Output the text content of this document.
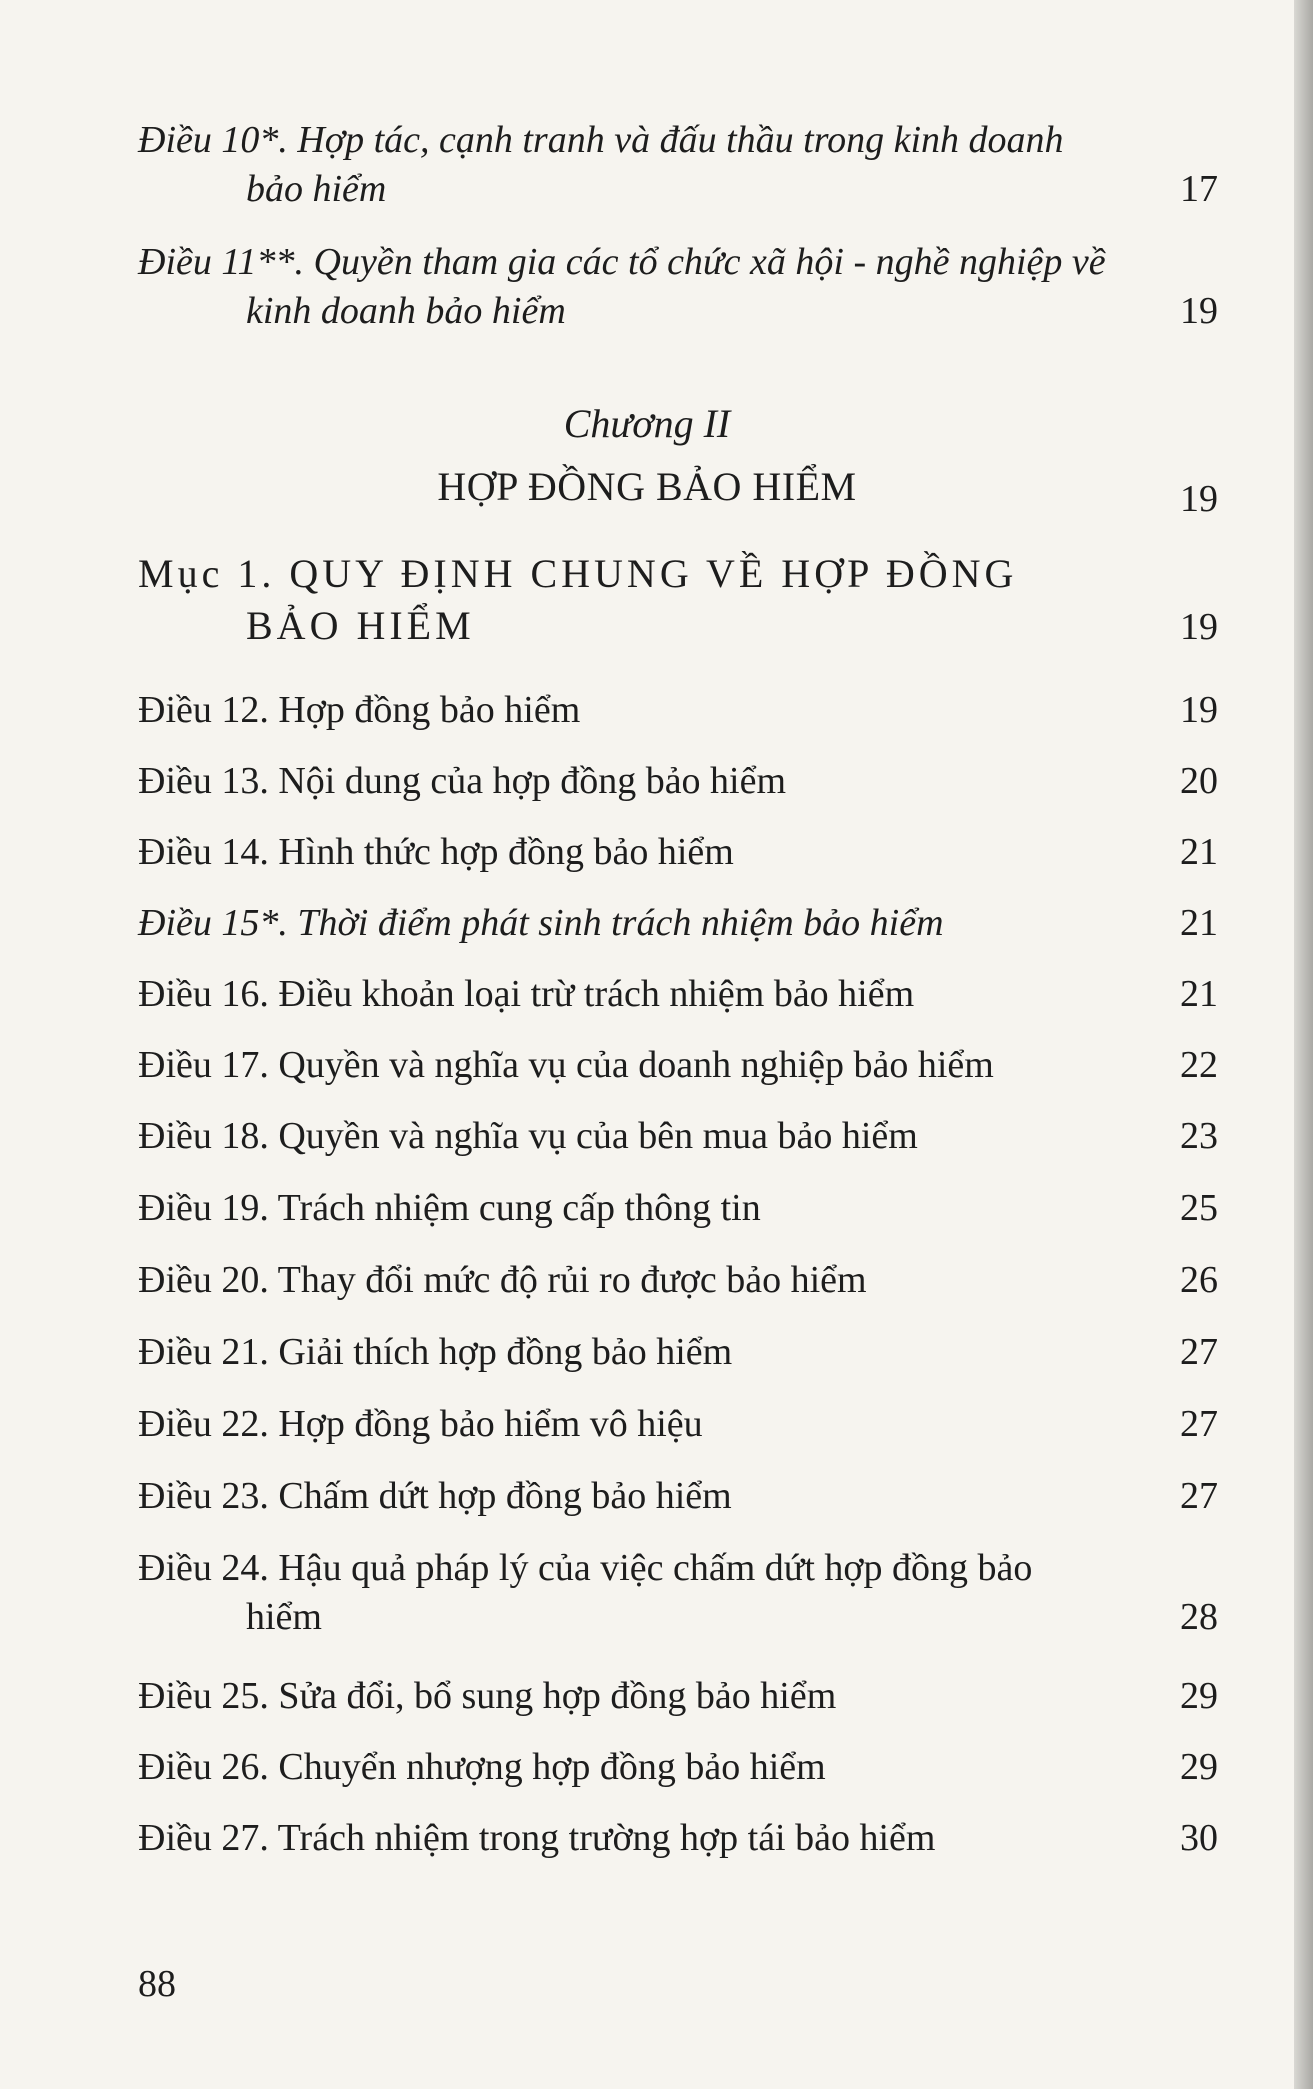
Điều 10*. Hợp tác, cạnh tranh và đấu thầu trong kinh doanh bảo hiểm	17
Điều 11**. Quyền tham gia các tổ chức xã hội - nghề nghiệp về kinh doanh bảo hiểm	19
Chương II
HỢP ĐỒNG BẢO HIỂM	19
Mục 1. QUY ĐỊNH CHUNG VỀ HỢP ĐỒNG BẢO HIỂM	19
Điều 12. Hợp đồng bảo hiểm	19
Điều 13. Nội dung của hợp đồng bảo hiểm	20
Điều 14. Hình thức hợp đồng bảo hiểm	21
Điều 15*. Thời điểm phát sinh trách nhiệm bảo hiểm	21
Điều 16. Điều khoản loại trừ trách nhiệm bảo hiểm	21
Điều 17. Quyền và nghĩa vụ của doanh nghiệp bảo hiểm	22
Điều 18. Quyền và nghĩa vụ của bên mua bảo hiểm	23
Điều 19. Trách nhiệm cung cấp thông tin	25
Điều 20. Thay đổi mức độ rủi ro được bảo hiểm	26
Điều 21. Giải thích hợp đồng bảo hiểm	27
Điều 22. Hợp đồng bảo hiểm vô hiệu	27
Điều 23. Chấm dứt hợp đồng bảo hiểm	27
Điều 24. Hậu quả pháp lý của việc chấm dứt hợp đồng bảo hiểm	28
Điều 25. Sửa đổi, bổ sung hợp đồng bảo hiểm	29
Điều 26. Chuyển nhượng hợp đồng bảo hiểm	29
Điều 27. Trách nhiệm trong trường hợp tái bảo hiểm	30
88
